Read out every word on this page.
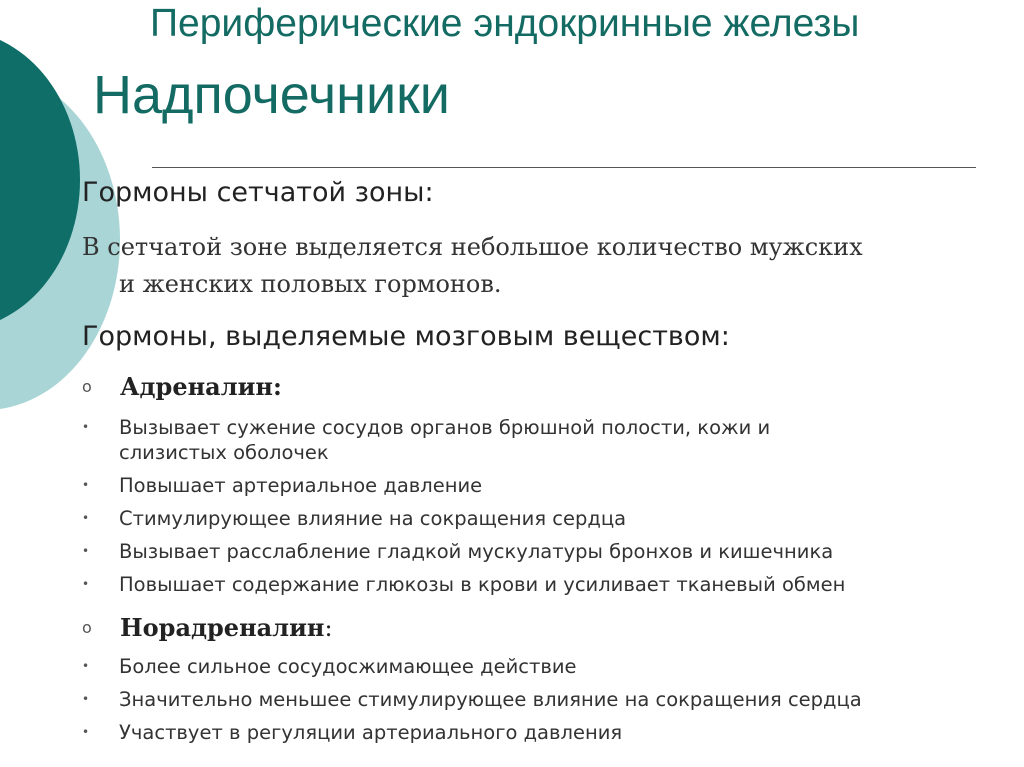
Периферические эндокринные железы
Надпочечники
Гормоны сетчатой зоны:
В сетчатой зоне выделяется небольшое количество мужских
и женских половых гормонов.
Гормоны, выделяемые мозговым веществом:
o Адреналин:
• Вызывает сужение сосудов органов брюшной полости, кожи и
слизистых оболочек
• Повышает артериальное давление
• Стимулирующее влияние на сокращения сердца
• Вызывает расслабление гладкой мускулатуры бронхов и кишечника
• Повышает содержание глюкозы в крови и усиливает тканевый обмен
o Норадреналин:
• Более сильное сосудосжимающее действие
• Значительно меньшее стимулирующее влияние на сокращения сердца
• Участвует в регуляции артериального давления
